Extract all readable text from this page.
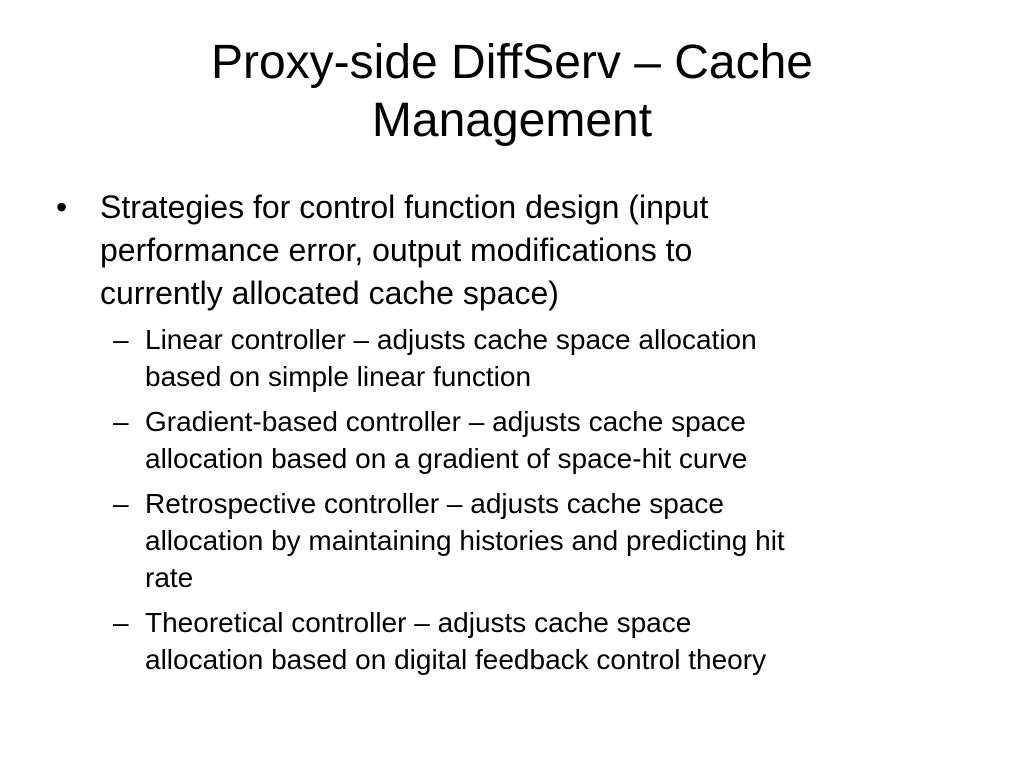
Proxy-side DiffServ – Cache
Management
•	Strategies for control function design (input
performance error, output modifications to
currently allocated cache space)
– Linear controller – adjusts cache space allocation
based on simple linear function
– Gradient-based controller – adjusts cache space
allocation based on a gradient of space-hit curve
– Retrospective controller – adjusts cache space
allocation by maintaining histories and predicting hit
rate
– Theoretical controller – adjusts cache space
allocation based on digital feedback control theory
